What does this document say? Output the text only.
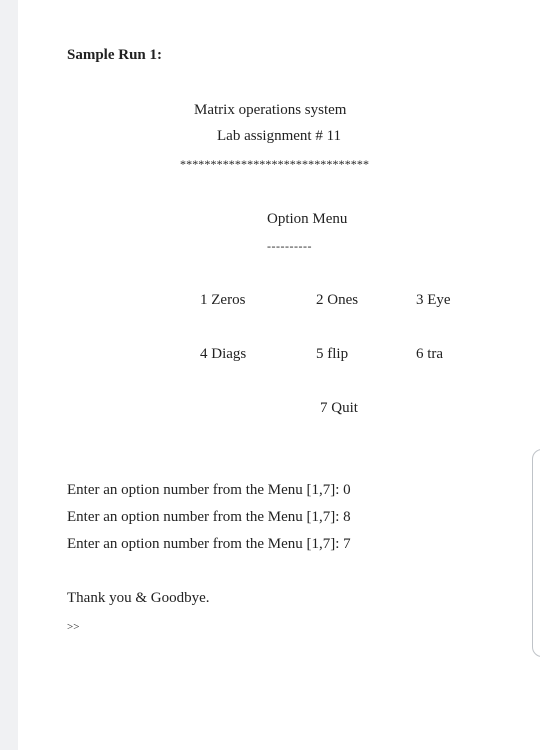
Sample Run 1:
Matrix operations system
Lab assignment # 11
*******************************
Option Menu
----------
1 Zeros	2 Ones	3 Eye
4 Diags	5 flip	6 tra
7 Quit
Enter an option number from the Menu [1,7]: 0
Enter an option number from the Menu [1,7]: 8
Enter an option number from the Menu [1,7]: 7
Thank you & Goodbye.
>>
